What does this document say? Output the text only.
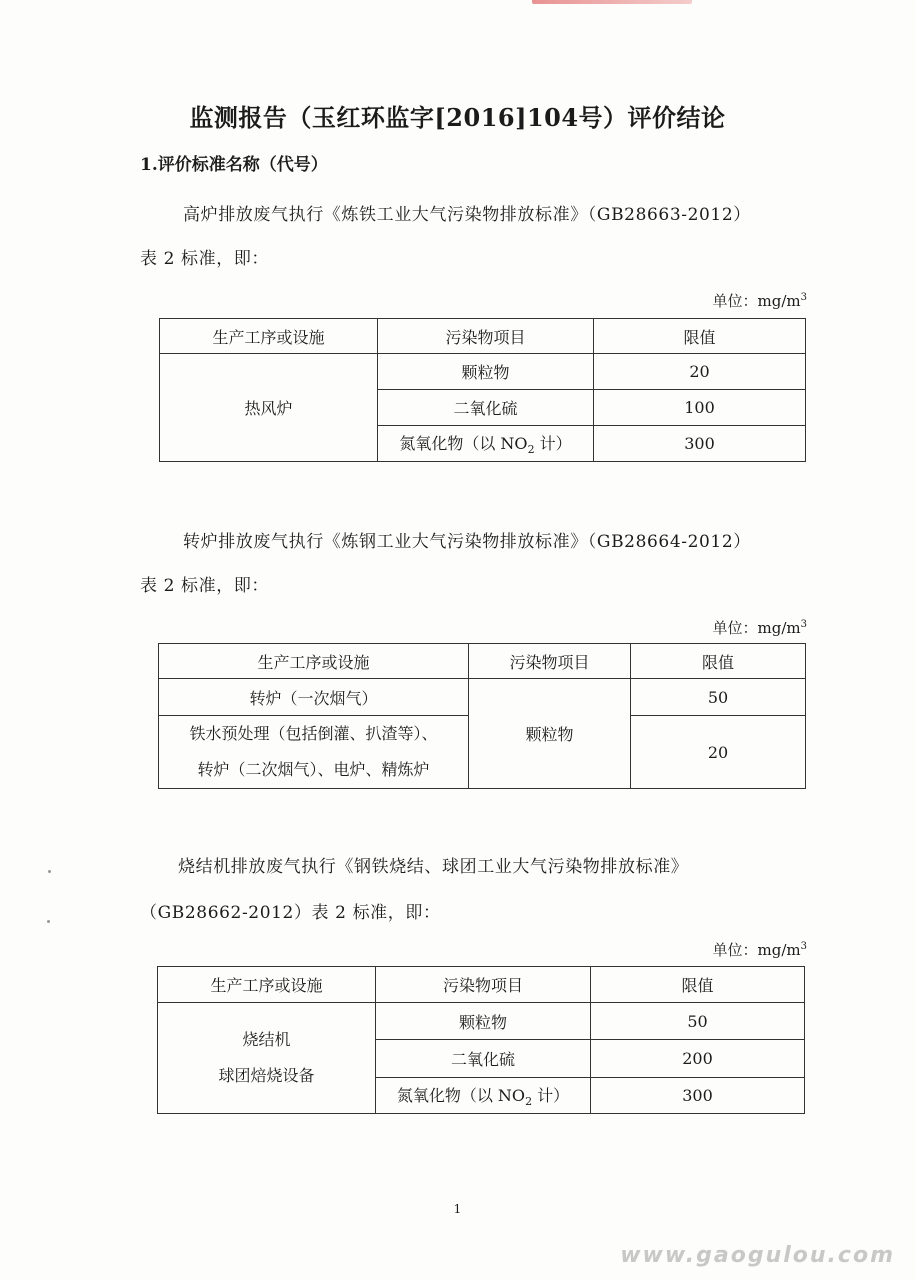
监测报告（玉红环监字[2016]104号）评价结论
1.评价标准名称（代号）
高炉排放废气执行《炼铁工业大气污染物排放标准》（GB28663-2012）
表 2 标准，即：
单位：$mg/m^3$
生产工序或设施	污染物项目	限值
热风炉	颗粒物	20
	二氧化硫	100
	氮氧化物（以 $NO_2$ 计）	300
转炉排放废气执行《炼钢工业大气污染物排放标准》（GB28664-2012）
表 2 标准，即：
单位：$mg/m^3$
生产工序或设施	污染物项目	限值
转炉（一次烟气）	颗粒物	50

铁水预处理（包括倒灌、扒渣等）、
转炉（二次烟气）、电炉、精炼炉		20
烧结机排放废气执行《钢铁烧结、球团工业大气污染物排放标准》
（GB28662-2012）表 2 标准，即：
单位：$mg/m^3$
生产工序或设施	污染物项目	限值

烧结机
球团焙烧设备	颗粒物	50
	二氧化硫	200
	氮氧化物（以 $NO_2$ 计）	300
1
www.gaogulou.com
